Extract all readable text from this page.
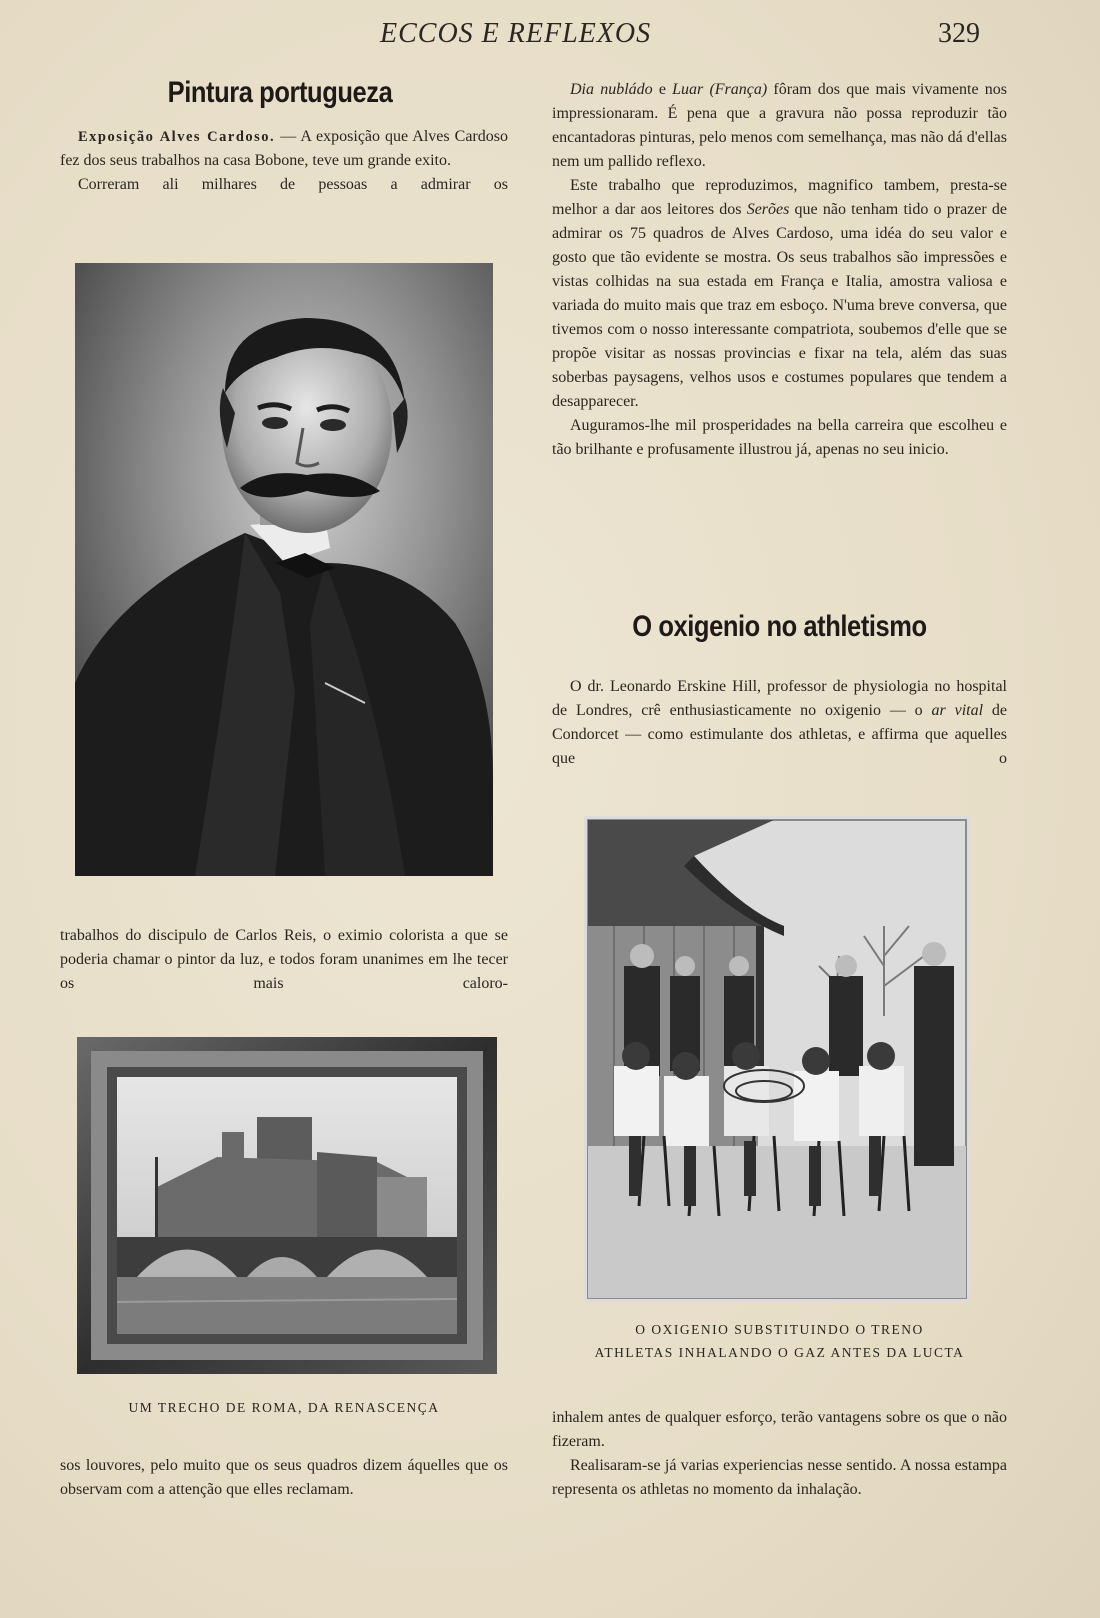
ECCOS E REFLEXOS	329
Pintura portugueza

Exposição Alves Cardoso. — A exposição que Alves Cardoso fez dos seus trabalhos na casa Bobone, teve um grande exito.

Correram ali milhares de pessoas a admirar os

trabalhos do discipulo de Carlos Reis, o eximio colorista a que se poderia chamar o pintor da luz, e todos foram unanimes em lhe tecer os mais caloro-

UM TRECHO DE ROMA, DA RENASCENÇA

sos louvores, pelo muito que os seus quadros dizem áquelles que os observam com a attenção que elles reclamam.

Dia nubládo e Luar (França) fôram dos que mais vivamente nos impressionaram. É pena que a gravura não possa reproduzir tão encantadoras pinturas, pelo menos com semelhança, mas não dá d'ellas nem um pallido reflexo.

Este trabalho que reproduzimos, magnifico tambem, presta-se melhor a dar aos leitores dos Serões que não tenham tido o prazer de admirar os 75 quadros de Alves Cardoso, uma idéa do seu valor e gosto que tão evidente se mostra. Os seus trabalhos são impressões e vistas colhidas na sua estada em França e Italia, amostra valiosa e variada do muito mais que traz em esboço. N'uma breve conversa, que tivemos com o nosso interessante compatriota, soubemos d'elle que se propõe visitar as nossas provincias e fixar na tela, além das suas soberbas paysagens, velhos usos e costumes populares que tendem a desapparecer.

Auguramos-lhe mil prosperidades na bella carreira que escolheu e tão brilhante e profusamente illustrou já, apenas no seu inicio.

O oxigenio no athletismo

O dr. Leonardo Erskine Hill, professor de physiologia no hospital de Londres, crê enthusiasticamente no oxigenio — o ar vital de Condorcet — como estimulante dos athletas, e affirma que aquelles que o

O OXIGENIO SUBSTITUINDO O TRENO
ATHLETAS INHALANDO O GAZ ANTES DA LUCTA

inhalem antes de qualquer esforço, terão vantagens sobre os que o não fizeram.

Realisaram-se já varias experiencias nesse sentido. A nossa estampa representa os athletas no momento da inhalação.
